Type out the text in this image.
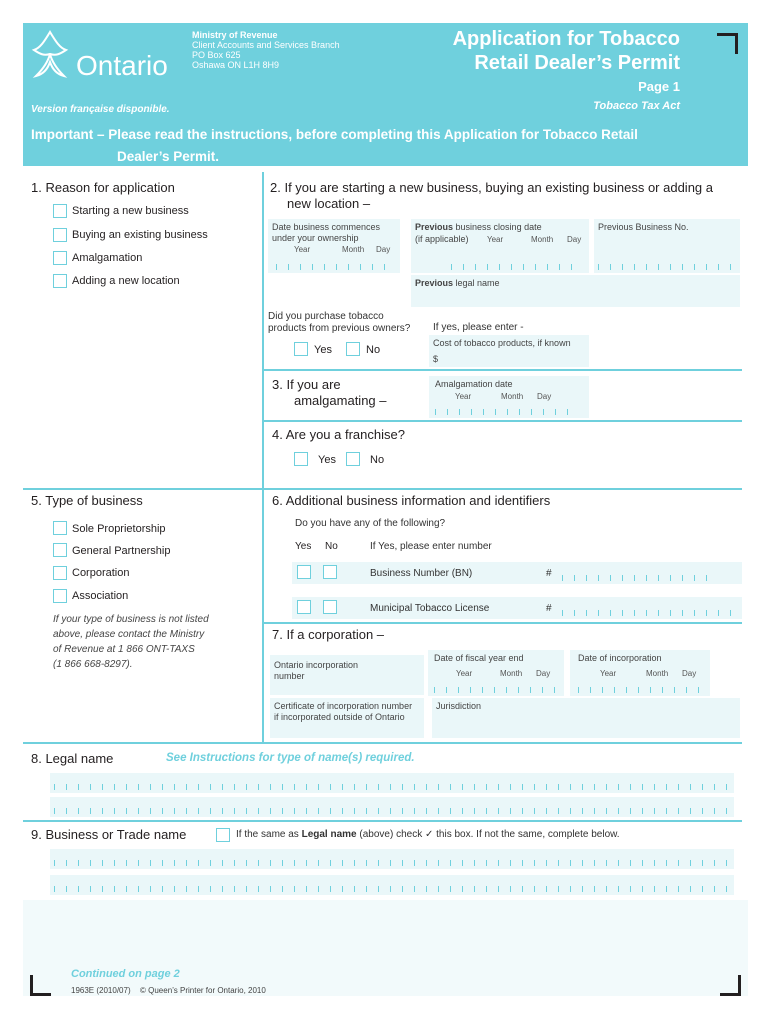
Ontario
Ministry of Revenue
Client Accounts and Services Branch
PO Box 625
Oshawa ON L1H 8H9
Application for Tobacco
Retail Dealer’s Permit
Page 1
Tobacco Tax Act
Version française disponible.
Important – Please read the instructions, before completing this Application for Tobacco Retail
Dealer’s Permit.
1. Reason for application
Starting a new business
Buying an existing business
Amalgamation
Adding a new location
2. If you are starting a new business, buying an existing business or adding a
new location –
Date business commences
under your ownership
Year	Month Day
Previous business closing date
(if applicable) Year	Month Day
Previous Business No.
Previous legal name
Did you purchase tobacco
products from previous owners? If yes, please enter -
Yes	No
Cost of tobacco products, if known
$
3. If you are
amalgamating –
Amalgamation date
Year	Month Day
4. Are you a franchise?
Yes	No
5. Type of business
Sole Proprietorship
General Partnership
Corporation
Association
If your type of business is not listed
above, please contact the Ministry
of Revenue at 1 866 ONT-TAXS
(1 866 668-8297).
6. Additional business information and identifiers
Do you have any of the following?
Yes No	If Yes, please enter number
Business Number (BN)	#
Municipal Tobacco License	#
7. If a corporation –
Ontario incorporation
number
Date of fiscal year end
Year	Month Day
Date of incorporation
Year	Month Day
Certificate of incorporation number
if incorporated outside of Ontario
Jurisdiction
8. Legal name	See Instructions for type of name(s) required.
9. Business or Trade name	If the same as Legal name (above) check ✓ this box. If not the same, complete below.
Continued on page 2
1963E (2010/07) © Queen’s Printer for Ontario, 2010
